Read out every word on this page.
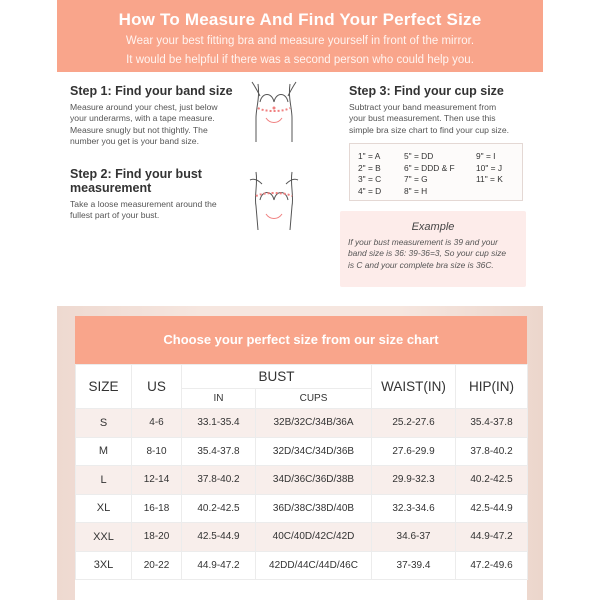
How To Measure And Find Your Perfect Size

Wear your best fitting bra and measure yourself in front of the mirror.

It would be helpful if there was a second person who could help you.

Step 1: Find your band size
Measure around your chest, just below
your underarms, with a tape measure.
Measure snugly but not thightly. The
number you get is your band size.
Step 2: Find your bust
measurement
Take a loose measurement around the
fullest part of your bust.
Step 3: Find your cup size
Subtract your band measurement from
your bust measurement. Then use this
simple bra size chart to find your cup size.
1" = A
2" = B
3" = C
4" = D
5" = DD
6" = DDD & F
7" = G
8" = H
9" = I
10" = J
11" = K
Example

If your bust measurement is 39 and your
band size is 36: 39-36=3, So your cup size
is C and your complete bra size is 36C.

Choose your perfect size from our size chart
SIZE	US	BUST		WAIST(IN)	HIP(IN)
		IN	CUPS		
S	4-6	33.1-35.4	32B/32C/34B/36A	25.2-27.6	35.4-37.8
M	8-10	35.4-37.8	32D/34C/34D/36B	27.6-29.9	37.8-40.2
L	12-14	37.8-40.2	34D/36C/36D/38B	29.9-32.3	40.2-42.5
XL	16-18	40.2-42.5	36D/38C/38D/40B	32.3-34.6	42.5-44.9
XXL	18-20	42.5-44.9	40C/40D/42C/42D	34.6-37	44.9-47.2
3XL	20-22	44.9-47.2	42DD/44C/44D/46C	37-39.4	47.2-49.6
